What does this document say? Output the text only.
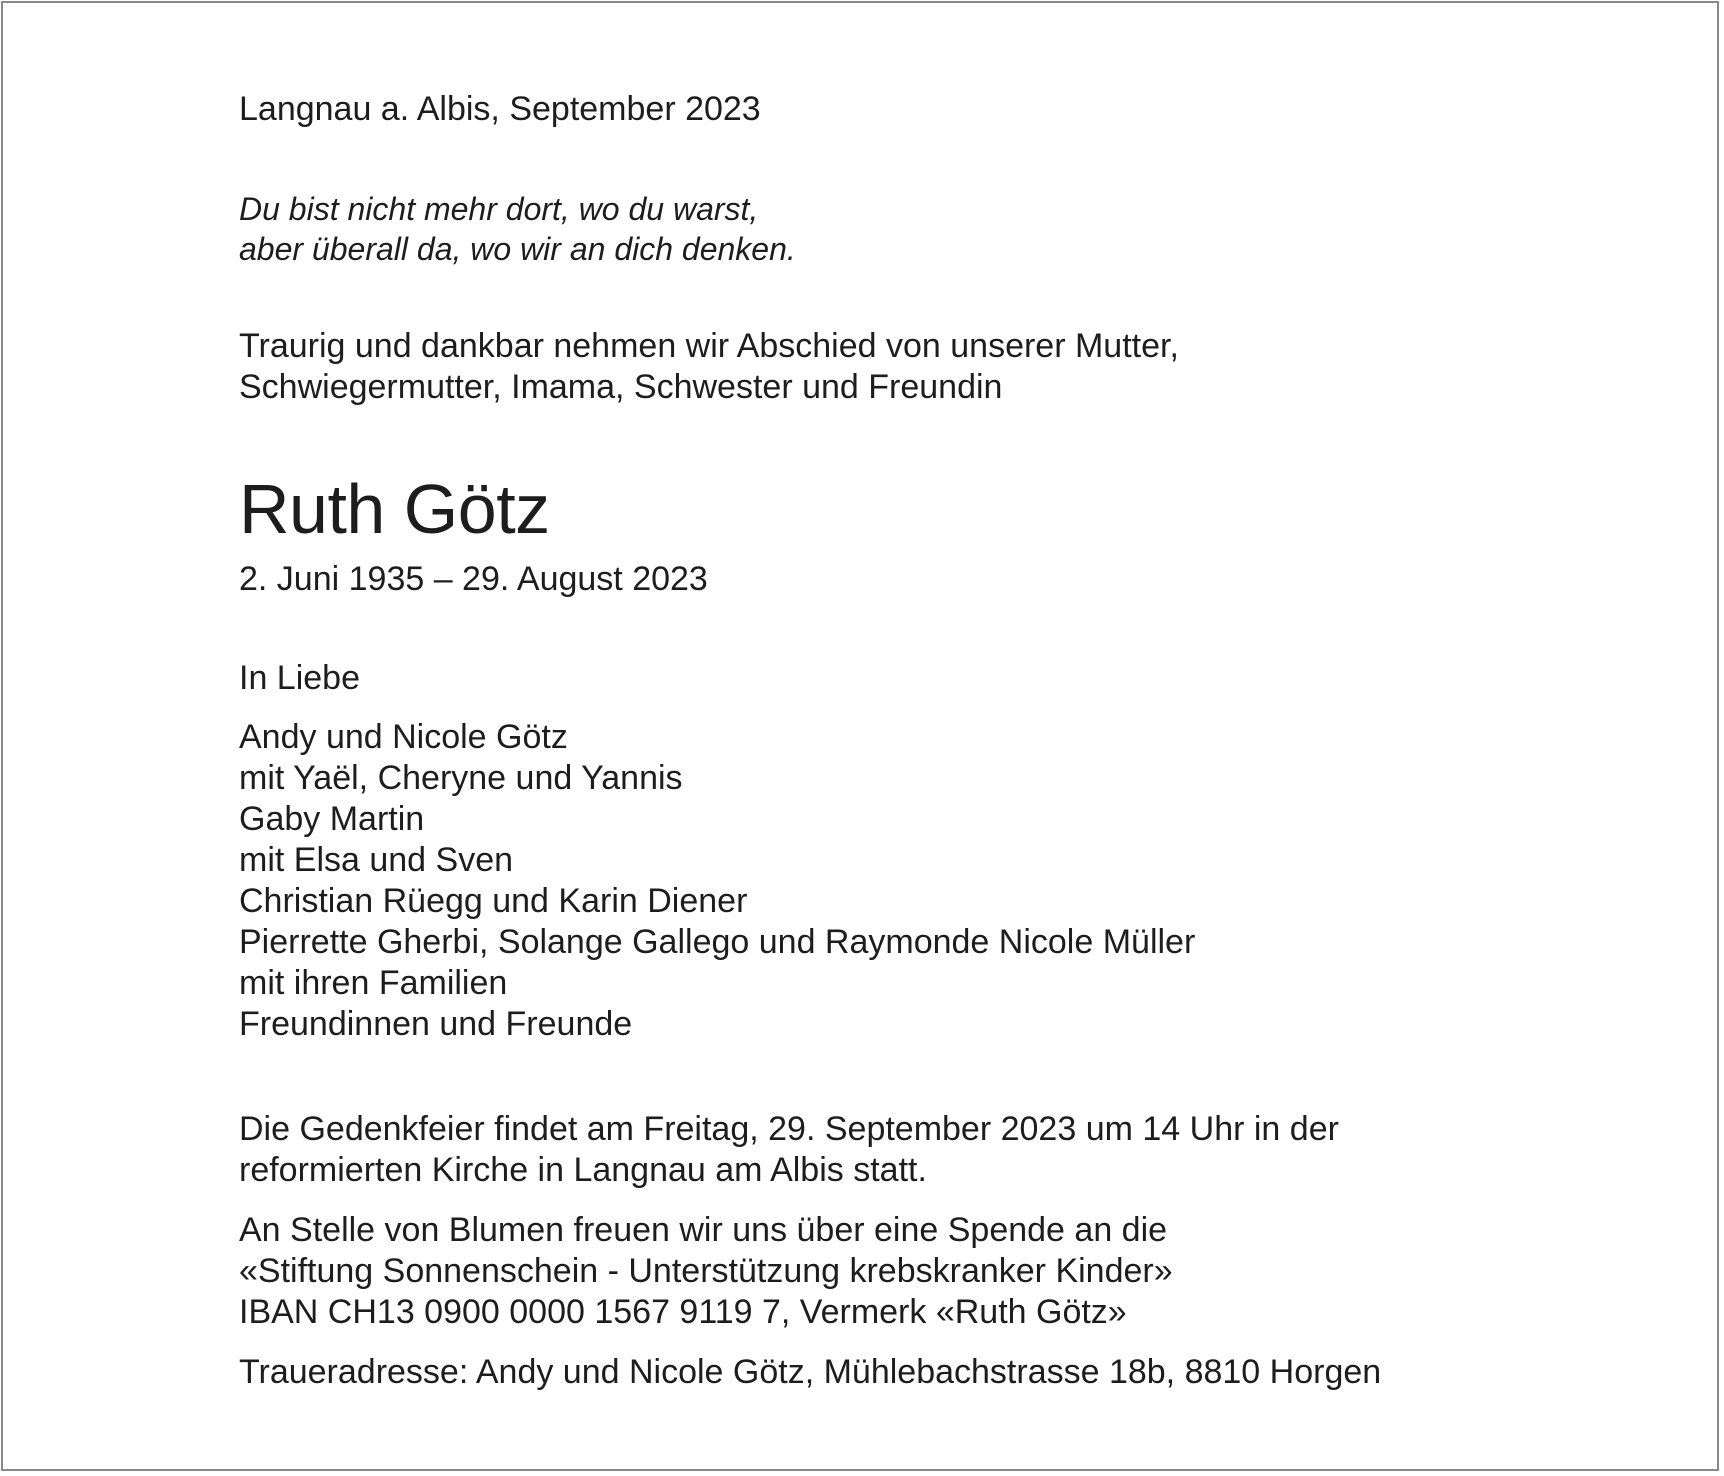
Langnau a. Albis, September 2023
Du bist nicht mehr dort, wo du warst,
aber überall da, wo wir an dich denken.
Traurig und dankbar nehmen wir Abschied von unserer Mutter,
Schwiegermutter, Imama, Schwester und Freundin
Ruth Götz
2. Juni 1935 – 29. August 2023
In Liebe
Andy und Nicole Götz
mit Yaël, Cheryne und Yannis
Gaby Martin
mit Elsa und Sven
Christian Rüegg und Karin Diener
Pierrette Gherbi, Solange Gallego und Raymonde Nicole Müller
mit ihren Familien
Freundinnen und Freunde
Die Gedenkfeier findet am Freitag, 29. September 2023 um 14 Uhr in der
reformierten Kirche in Langnau am Albis statt.
An Stelle von Blumen freuen wir uns über eine Spende an die
«Stiftung Sonnenschein - Unterstützung krebskranker Kinder»
IBAN CH13 0900 0000 1567 9119 7, Vermerk «Ruth Götz»
Traueradresse: Andy und Nicole Götz, Mühlebachstrasse 18b, 8810 Horgen
